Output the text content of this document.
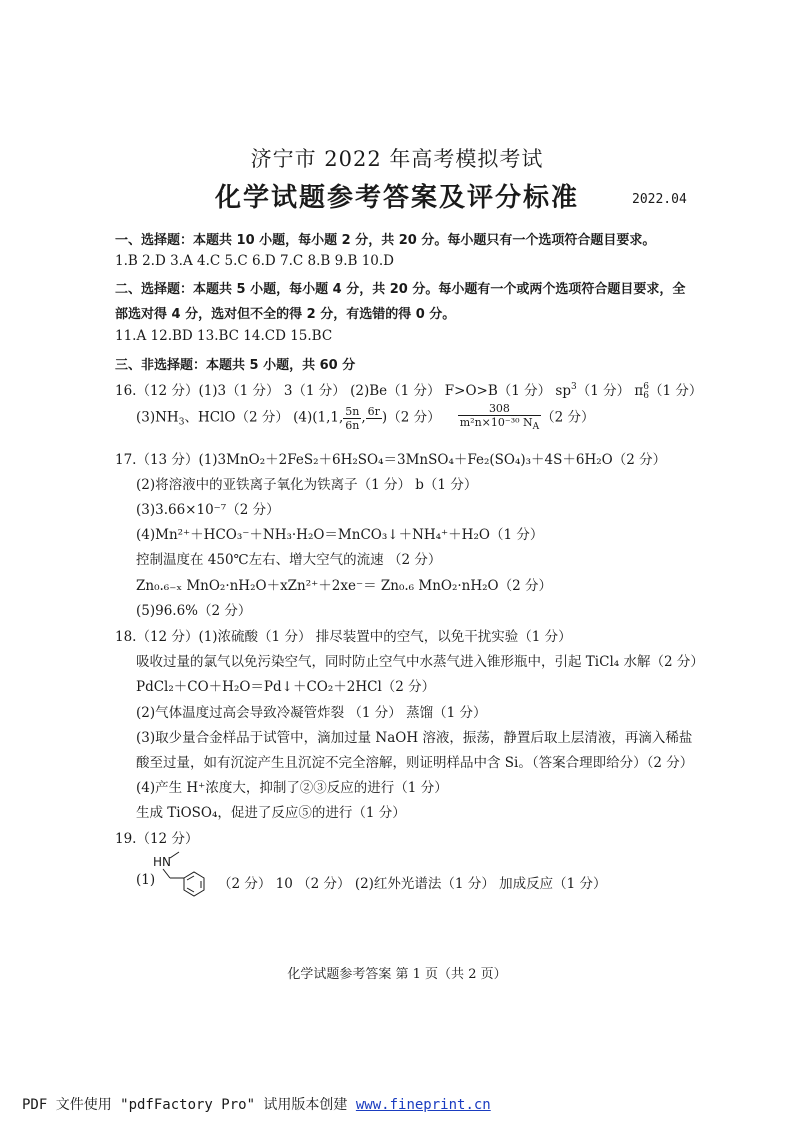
济宁市 2022 年高考模拟考试
化学试题参考答案及评分标准	2022.04
一、选择题：本题共 10 小题，每小题 2 分，共 20 分。每小题只有一个选项符合题目要求。
1.B 2.D 3.A 4.C 5.C 6.D 7.C 8.B 9.B 10.D
二、选择题：本题共 5 小题，每小题 4 分，共 20 分。每小题有一个或两个选项符合题目要求，全
部选对得 4 分，选对但不全的得 2 分，有选错的得 0 分。
11.A 12.BD 13.BC 14.CD 15.BC
三、非选择题：本题共 5 小题，共 60 分
16.（12 分）(1)3（1 分） 3（1 分） (2)Be（1 分） F>O>B（1 分） $sp^3(1$ 分） π 6
6 （1 分）
$(3)NH_3$、HClO（2 分） (4)(1,1, $\frac{5n}{6n}$ , 6r
)（2 分） $\frac{308}{m^2n\times 10^{-30} N_A} (2$ 分）
17.（13 分）(1)3MnO₂＋2FeS₂＋6H₂SO₄＝3MnSO₄＋Fe₂(SO₄)₃＋4S＋6H₂O（2 分）
(2)将溶液中的亚铁离子氧化为铁离子（1 分） b（1 分）
(3)3.66×10⁻⁷（2 分）
(4)Mn²⁺＋HCO₃⁻＋NH₃·H₂O＝MnCO₃↓＋NH₄⁺＋H₂O（1 分）
控制温度在 450℃左右、增大空气的流速 （2 分）
Zn₀.₆₋ₓ MnO₂·nH₂O＋xZn²⁺＋2xe⁻＝ Zn₀.₆ MnO₂·nH₂O（2 分）
(5)96.6%（2 分）
18.（12 分）(1)浓硫酸（1 分） 排尽装置中的空气，以免干扰实验（1 分）
吸收过量的氯气以免污染空气，同时防止空气中水蒸气进入锥形瓶中，引起 TiCl₄ 水解（2 分）
PdCl₂＋CO＋H₂O＝Pd↓＋CO₂＋2HCl（2 分）
(2)气体温度过高会导致冷凝管炸裂 （1 分） 蒸馏（1 分）
(3)取少量合金样品于试管中，滴加过量 NaOH 溶液，振荡，静置后取上层清液，再滴入稀盐
酸至过量，如有沉淀产生且沉淀不完全溶解，则证明样品中含 Si。（答案合理即给分）（2 分）
(4)产生 H⁺浓度大，抑制了②③反应的进行（1 分）
生成 TiOSO₄，促进了反应⑤的进行（1 分）
19.（12 分）
(1)
HN
（2 分） 10 （2 分） (2)红外光谱法（1 分） 加成反应（1 分）
化学试题参考答案 第 1 页（共 2 页）
PDF 文件使用 "pdfFactory Pro" 试用版本创建 www.fineprint.cn
